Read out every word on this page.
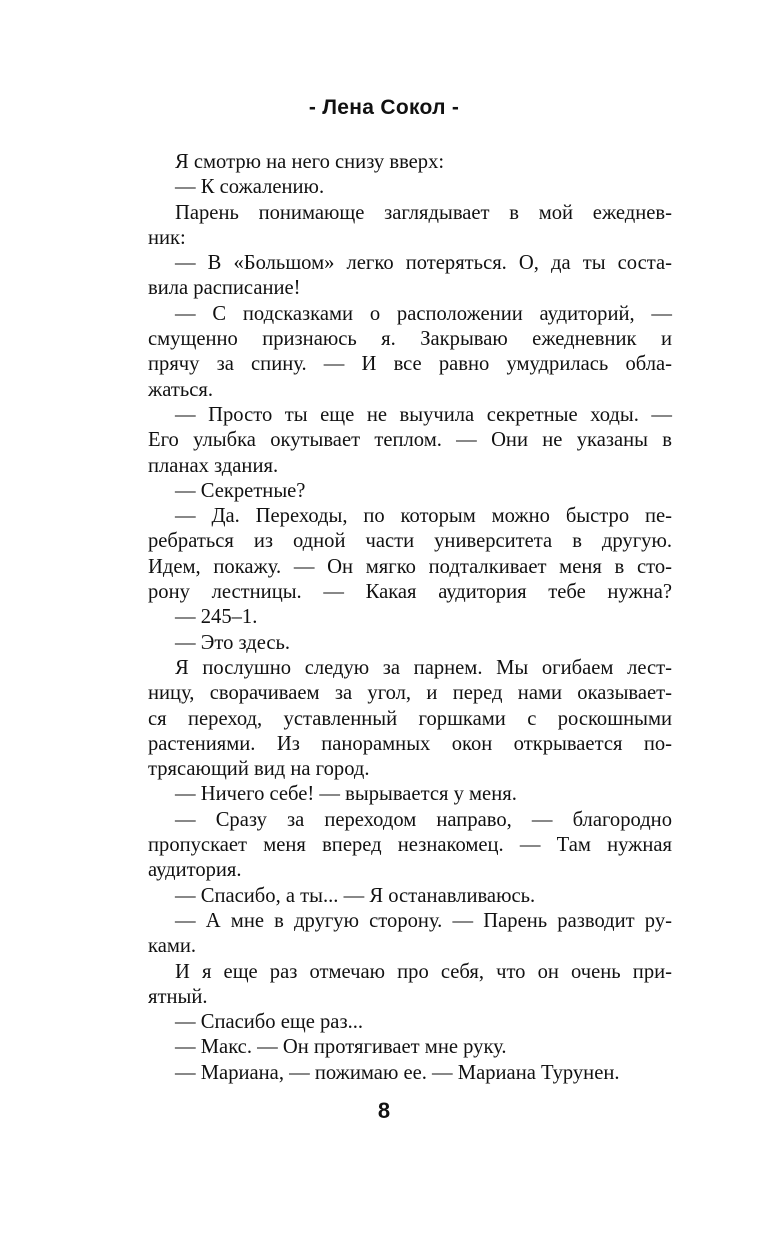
- Лена Сокол -
Я смотрю на него снизу вверх:
— К сожалению.
Парень понимающе заглядывает в мой ежеднев-
ник:
— В «Большом» легко потеряться. О, да ты соста-
вила расписание!
— С подсказками о расположении аудиторий, —
смущенно признаюсь я. Закрываю ежедневник и
прячу за спину. — И все равно умудрилась обла-
жаться.
— Просто ты еще не выучила секретные ходы. —
Его улыбка окутывает теплом. — Они не указаны в
планах здания.
— Секретные?
— Да. Переходы, по которым можно быстро пе-
ребраться из одной части университета в другую.
Идем, покажу. — Он мягко подталкивает меня в сто-
рону лестницы. — Какая аудитория тебе нужна?
— 245–1.
— Это здесь.
Я послушно следую за парнем. Мы огибаем лест-
ницу, сворачиваем за угол, и перед нами оказывает-
ся переход, уставленный горшками с роскошными
растениями. Из панорамных окон открывается по-
трясающий вид на город.
— Ничего себе! — вырывается у меня.
— Сразу за переходом направо, — благородно
пропускает меня вперед незнакомец. — Там нужная
аудитория.
— Спасибо, а ты... — Я останавливаюсь.
— А мне в другую сторону. — Парень разводит ру-
ками.
И я еще раз отмечаю про себя, что он очень при-
ятный.
— Спасибо еще раз...
— Макс. — Он протягивает мне руку.
— Мариана, — пожимаю ее. — Мариана Турунен.
8
